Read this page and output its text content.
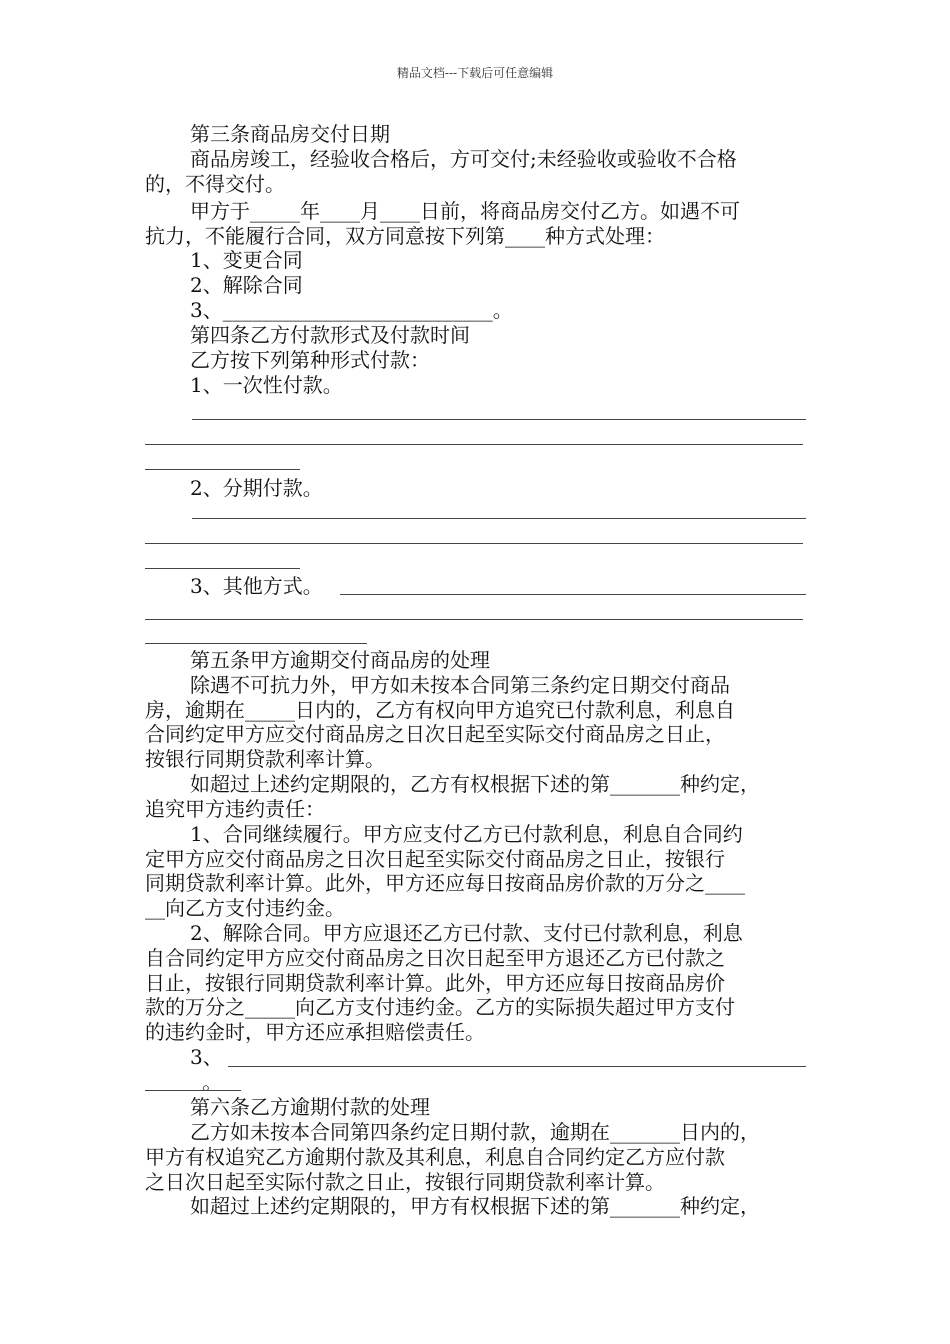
精品文档---下载后可任意编辑
第三条商品房交付日期
商品房竣工，经验收合格后，方可交付;未经验收或验收不合格
的，不得交付。
甲方于_____年____月____日前，将商品房交付乙方。如遇不可
抗力，不能履行合同，双方同意按下列第____种方式处理：
1、变更合同
2、解除合同
3、___________________________。
第四条乙方付款形式及付款时间
乙方按下列第种形式付款：
1、一次性付款。
2、分期付款。
3、其他方式。
第五条甲方逾期交付商品房的处理
除遇不可抗力外，甲方如未按本合同第三条约定日期交付商品
房，逾期在_____日内的，乙方有权向甲方追究已付款利息，利息自
合同约定甲方应交付商品房之日次日起至实际交付商品房之日止，
按银行同期贷款利率计算。
如超过上述约定期限的，乙方有权根据下述的第_______种约定，
追究甲方违约责任：
1、合同继续履行。甲方应支付乙方已付款利息，利息自合同约
定甲方应交付商品房之日次日起至实际交付商品房之日止，按银行
同期贷款利率计算。此外，甲方还应每日按商品房价款的万分之____
__向乙方支付违约金。
2、解除合同。甲方应退还乙方已付款、支付已付款利息，利息
自合同约定甲方应交付商品房之日次日起至甲方退还乙方已付款之
日止，按银行同期贷款利率计算。此外，甲方还应每日按商品房价
款的万分之_____向乙方支付违约金。乙方的实际损失超过甲方支付
的违约金时，甲方还应承担赔偿责任。
3、
。
第六条乙方逾期付款的处理
乙方如未按本合同第四条约定日期付款，逾期在_______日内的，
甲方有权追究乙方逾期付款及其利息，利息自合同约定乙方应付款
之日次日起至实际付款之日止，按银行同期贷款利率计算。
如超过上述约定期限的，甲方有权根据下述的第_______种约定，
